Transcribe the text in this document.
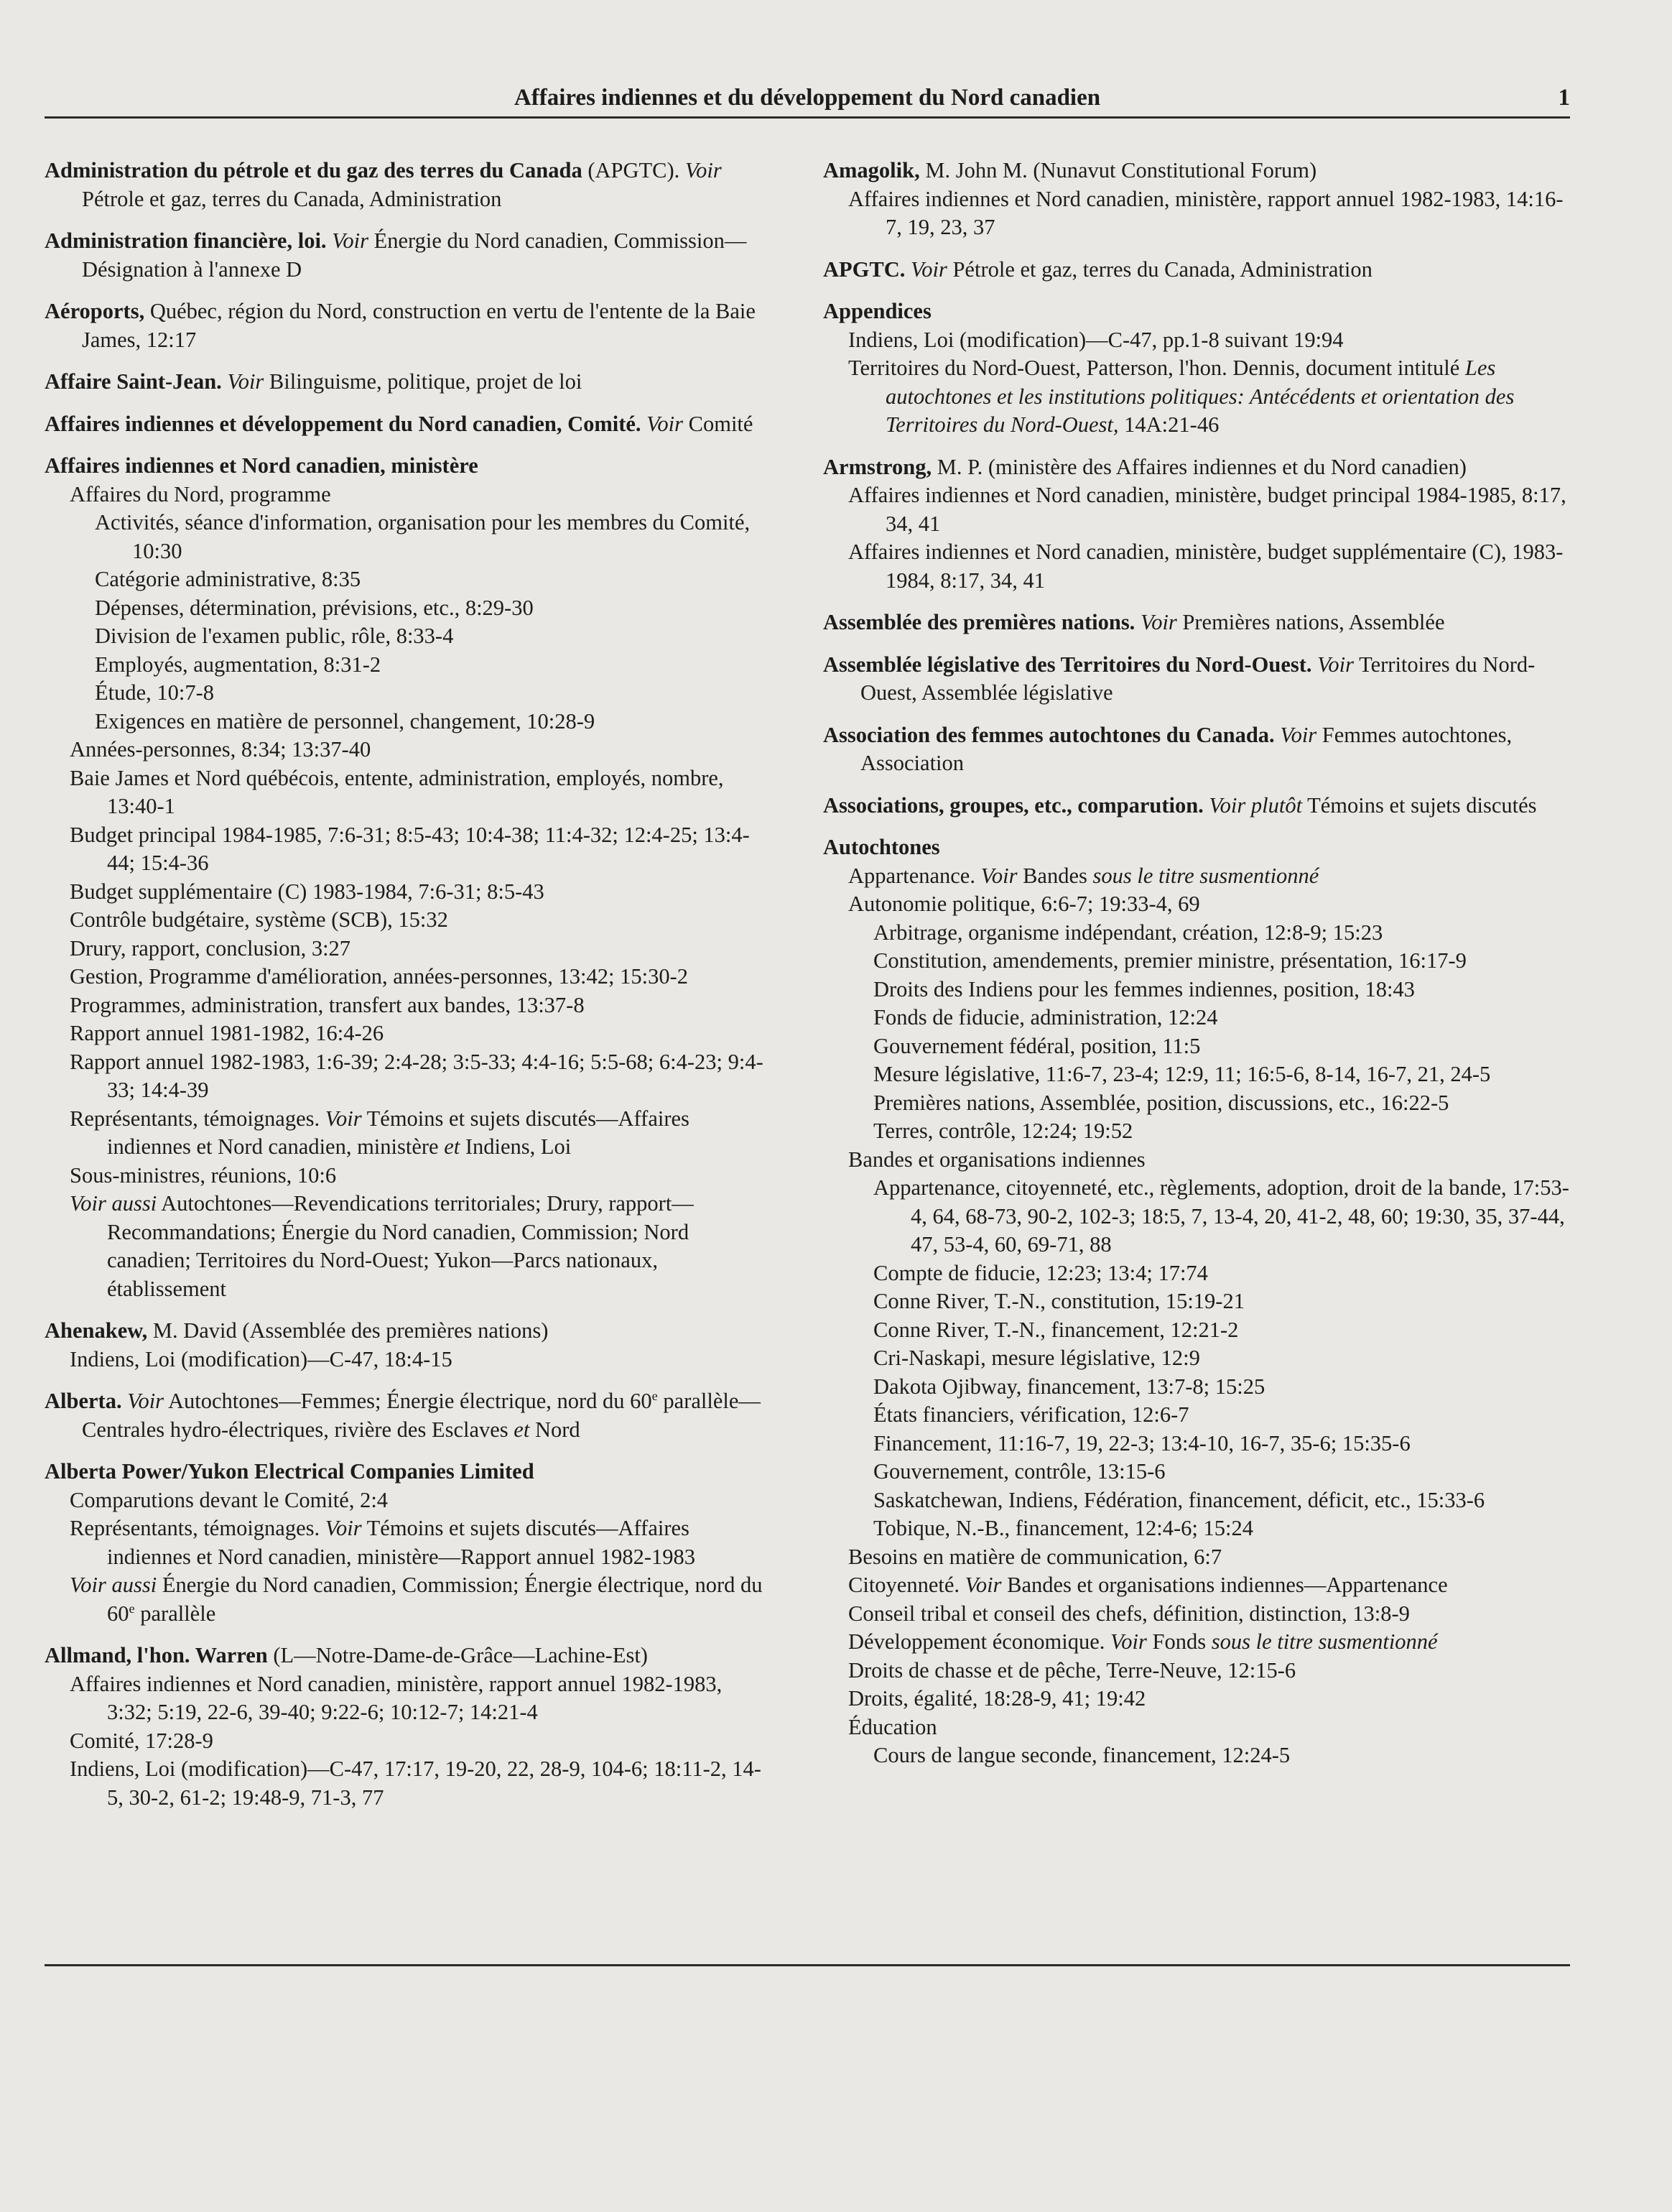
Affaires indiennes et du développement du Nord canadien	1
Administration du pétrole et du gaz des terres du Canada (APGTC). Voir Pétrole et gaz, terres du Canada, Administration
Administration financière, loi. Voir Énergie du Nord canadien, Commission—Désignation à l'annexe D
Aéroports, Québec, région du Nord, construction en vertu de l'entente de la Baie James, 12:17
Affaire Saint-Jean. Voir Bilinguisme, politique, projet de loi
Affaires indiennes et développement du Nord canadien, Comité. Voir Comité
Affaires indiennes et Nord canadien, ministère
Affaires du Nord, programme
Activités, séance d'information, organisation pour les membres du Comité, 10:30
Catégorie administrative, 8:35
Dépenses, détermination, prévisions, etc., 8:29-30
Division de l'examen public, rôle, 8:33-4
Employés, augmentation, 8:31-2
Étude, 10:7-8
Exigences en matière de personnel, changement, 10:28-9
Années-personnes, 8:34; 13:37-40
Baie James et Nord québécois, entente, administration, employés, nombre, 13:40-1
Budget principal 1984-1985, 7:6-31; 8:5-43; 10:4-38; 11:4-32; 12:4-25; 13:4-44; 15:4-36
Budget supplémentaire (C) 1983-1984, 7:6-31; 8:5-43
Contrôle budgétaire, système (SCB), 15:32
Drury, rapport, conclusion, 3:27
Gestion, Programme d'amélioration, années-personnes, 13:42; 15:30-2
Programmes, administration, transfert aux bandes, 13:37-8
Rapport annuel 1981-1982, 16:4-26
Rapport annuel 1982-1983, 1:6-39; 2:4-28; 3:5-33; 4:4-16; 5:5-68; 6:4-23; 9:4-33; 14:4-39
Représentants, témoignages. Voir Témoins et sujets discutés—Affaires indiennes et Nord canadien, ministère et Indiens, Loi
Sous-ministres, réunions, 10:6
Voir aussi Autochtones—Revendications territoriales; Drury, rapport—Recommandations; Énergie du Nord canadien, Commission; Nord canadien; Territoires du Nord-Ouest; Yukon—Parcs nationaux, établissement
Ahenakew, M. David (Assemblée des premières nations)
Indiens, Loi (modification)—C-47, 18:4-15
Alberta. Voir Autochtones—Femmes; Énergie électrique, nord du 60e parallèle—Centrales hydro-électriques, rivière des Esclaves et Nord
Alberta Power/Yukon Electrical Companies Limited
Comparutions devant le Comité, 2:4
Représentants, témoignages. Voir Témoins et sujets discutés—Affaires indiennes et Nord canadien, ministère—Rapport annuel 1982-1983
Voir aussi Énergie du Nord canadien, Commission; Énergie électrique, nord du 60e parallèle
Allmand, l'hon. Warren (L—Notre-Dame-de-Grâce—Lachine-Est)
Affaires indiennes et Nord canadien, ministère, rapport annuel 1982-1983, 3:32; 5:19, 22-6, 39-40; 9:22-6; 10:12-7; 14:21-4
Comité, 17:28-9
Indiens, Loi (modification)—C-47, 17:17, 19-20, 22, 28-9, 104-6; 18:11-2, 14-5, 30-2, 61-2; 19:48-9, 71-3, 77
Amagolik, M. John M. (Nunavut Constitutional Forum)
Affaires indiennes et Nord canadien, ministère, rapport annuel 1982-1983, 14:16-7, 19, 23, 37
APGTC. Voir Pétrole et gaz, terres du Canada, Administration
Appendices
Indiens, Loi (modification)—C-47, pp.1-8 suivant 19:94
Territoires du Nord-Ouest, Patterson, l'hon. Dennis, document intitulé Les autochtones et les institutions politiques: Antécédents et orientation des Territoires du Nord-Ouest, 14A:21-46
Armstrong, M. P. (ministère des Affaires indiennes et du Nord canadien)
Affaires indiennes et Nord canadien, ministère, budget principal 1984-1985, 8:17, 34, 41
Affaires indiennes et Nord canadien, ministère, budget supplémentaire (C), 1983-1984, 8:17, 34, 41
Assemblée des premières nations. Voir Premières nations, Assemblée
Assemblée législative des Territoires du Nord-Ouest. Voir Territoires du Nord-Ouest, Assemblée législative
Association des femmes autochtones du Canada. Voir Femmes autochtones, Association
Associations, groupes, etc., comparution. Voir plutôt Témoins et sujets discutés
Autochtones
Appartenance. Voir Bandes sous le titre susmentionné
Autonomie politique, 6:6-7; 19:33-4, 69
Arbitrage, organisme indépendant, création, 12:8-9; 15:23
Constitution, amendements, premier ministre, présentation, 16:17-9
Droits des Indiens pour les femmes indiennes, position, 18:43
Fonds de fiducie, administration, 12:24
Gouvernement fédéral, position, 11:5
Mesure législative, 11:6-7, 23-4; 12:9, 11; 16:5-6, 8-14, 16-7, 21, 24-5
Premières nations, Assemblée, position, discussions, etc., 16:22-5
Terres, contrôle, 12:24; 19:52
Bandes et organisations indiennes
Appartenance, citoyenneté, etc., règlements, adoption, droit de la bande, 17:53-4, 64, 68-73, 90-2, 102-3; 18:5, 7, 13-4, 20, 41-2, 48, 60; 19:30, 35, 37-44, 47, 53-4, 60, 69-71, 88
Compte de fiducie, 12:23; 13:4; 17:74
Conne River, T.-N., constitution, 15:19-21
Conne River, T.-N., financement, 12:21-2
Cri-Naskapi, mesure législative, 12:9
Dakota Ojibway, financement, 13:7-8; 15:25
États financiers, vérification, 12:6-7
Financement, 11:16-7, 19, 22-3; 13:4-10, 16-7, 35-6; 15:35-6
Gouvernement, contrôle, 13:15-6
Saskatchewan, Indiens, Fédération, financement, déficit, etc., 15:33-6
Tobique, N.-B., financement, 12:4-6; 15:24
Besoins en matière de communication, 6:7
Citoyenneté. Voir Bandes et organisations indiennes—Appartenance
Conseil tribal et conseil des chefs, définition, distinction, 13:8-9
Développement économique. Voir Fonds sous le titre susmentionné
Droits de chasse et de pêche, Terre-Neuve, 12:15-6
Droits, égalité, 18:28-9, 41; 19:42
Éducation
Cours de langue seconde, financement, 12:24-5
